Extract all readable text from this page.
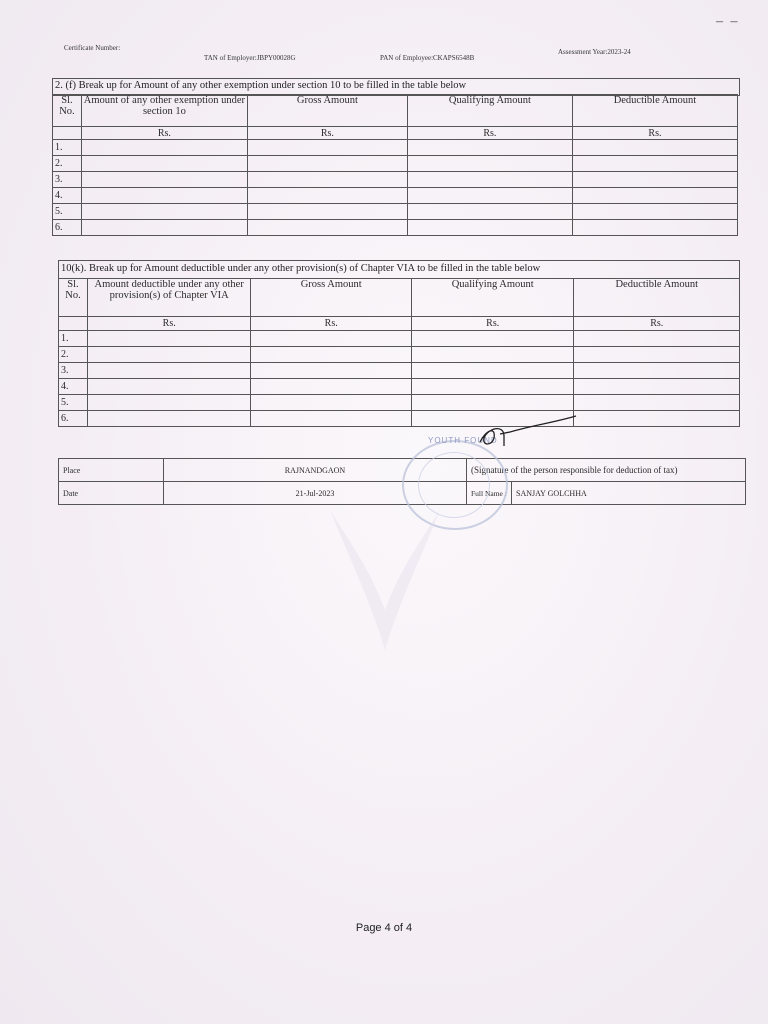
‒ ‒
Certificate Number:
TAN of Employer:JBPY00028G	PAN of Employee:CKAPS6548B
Assessment Year:2023-24
2. (f) Break up for Amount of any other exemption under section 10 to be filled in the table below
Sl. No.	Amount of any other exemption under section 1o	Gross Amount	Qualifying Amount	Deductible Amount
	Rs.	Rs.	Rs.	Rs.
1.				
2.				
3.				
4.				
5.				
6.				
10(k). Break up for Amount deductible under any other provision(s) of Chapter VIA to be filled in the table below
Sl. No.	Amount deductible under any other provision(s) of Chapter VIA	Gross Amount	Qualifying Amount	Deductible Amount
	Rs.	Rs.	Rs.	Rs.
1.				
2.				
3.				
4.				
5.				
6.				
Place	RAJNANDGAON	(Signature of the person responsible for deduction of tax)	
Date	21-Jul-2023	Full Name :	SANJAY GOLCHHA
YOUTH FOUND
Page 4 of 4
